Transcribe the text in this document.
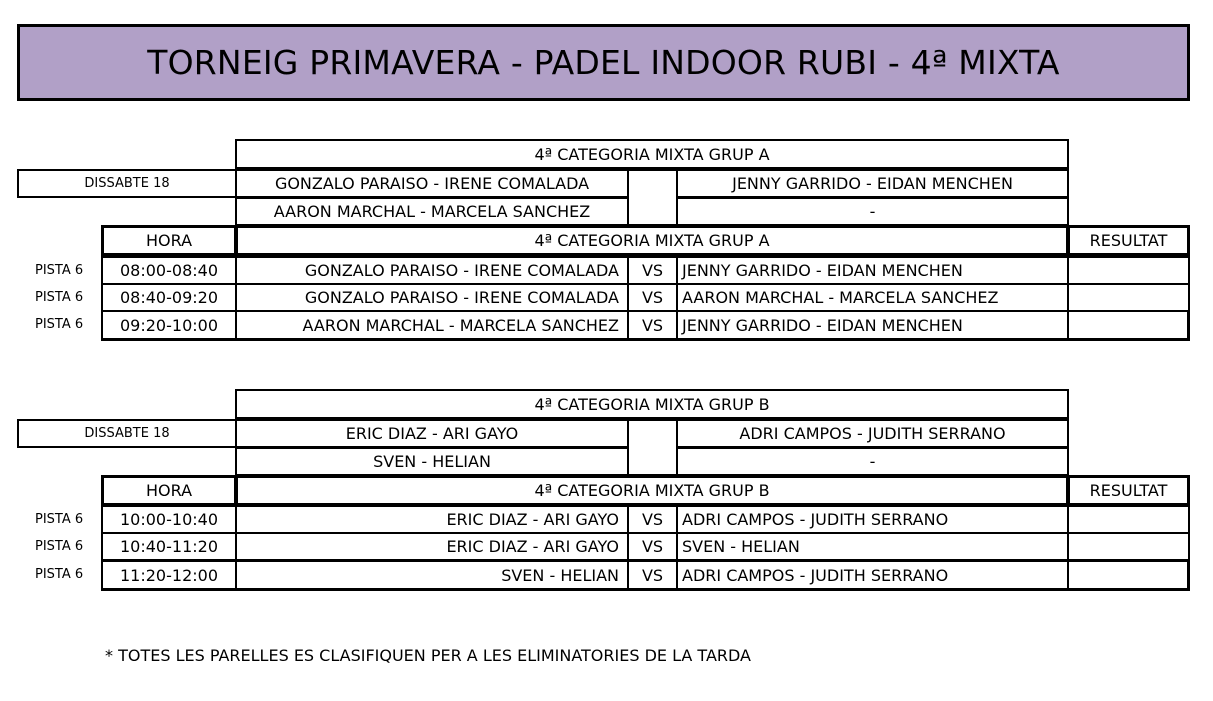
TORNEIG PRIMAVERA - PADEL INDOOR RUBI - 4ª MIXTA
4ª CATEGORIA MIXTA GRUP A
DISSABTE 18	GONZALO PARAISO - IRENE COMALADA	JENNY GARRIDO - EIDAN MENCHEN
AARON MARCHAL - MARCELA SANCHEZ	-
HORA	4ª CATEGORIA MIXTA GRUP A	RESULTAT
PISTA 6	08:00-08:40	GONZALO PARAISO - IRENE COMALADA	VS	JENNY GARRIDO - EIDAN MENCHEN
PISTA 6	08:40-09:20	GONZALO PARAISO - IRENE COMALADA	VS	AARON MARCHAL - MARCELA SANCHEZ
PISTA 6	09:20-10:00	AARON MARCHAL - MARCELA SANCHEZ	VS	JENNY GARRIDO - EIDAN MENCHEN
4ª CATEGORIA MIXTA GRUP B
DISSABTE 18	ERIC DIAZ - ARI GAYO	ADRI CAMPOS - JUDITH SERRANO
SVEN - HELIAN	-
HORA	4ª CATEGORIA MIXTA GRUP B	RESULTAT
PISTA 6	10:00-10:40	ERIC DIAZ - ARI GAYO	VS	ADRI CAMPOS - JUDITH SERRANO
PISTA 6	10:40-11:20	ERIC DIAZ - ARI GAYO	VS	SVEN - HELIAN
PISTA 6	11:20-12:00	SVEN - HELIAN	VS	ADRI CAMPOS - JUDITH SERRANO
* TOTES LES PARELLES ES CLASIFIQUEN PER A LES ELIMINATORIES DE LA TARDA
